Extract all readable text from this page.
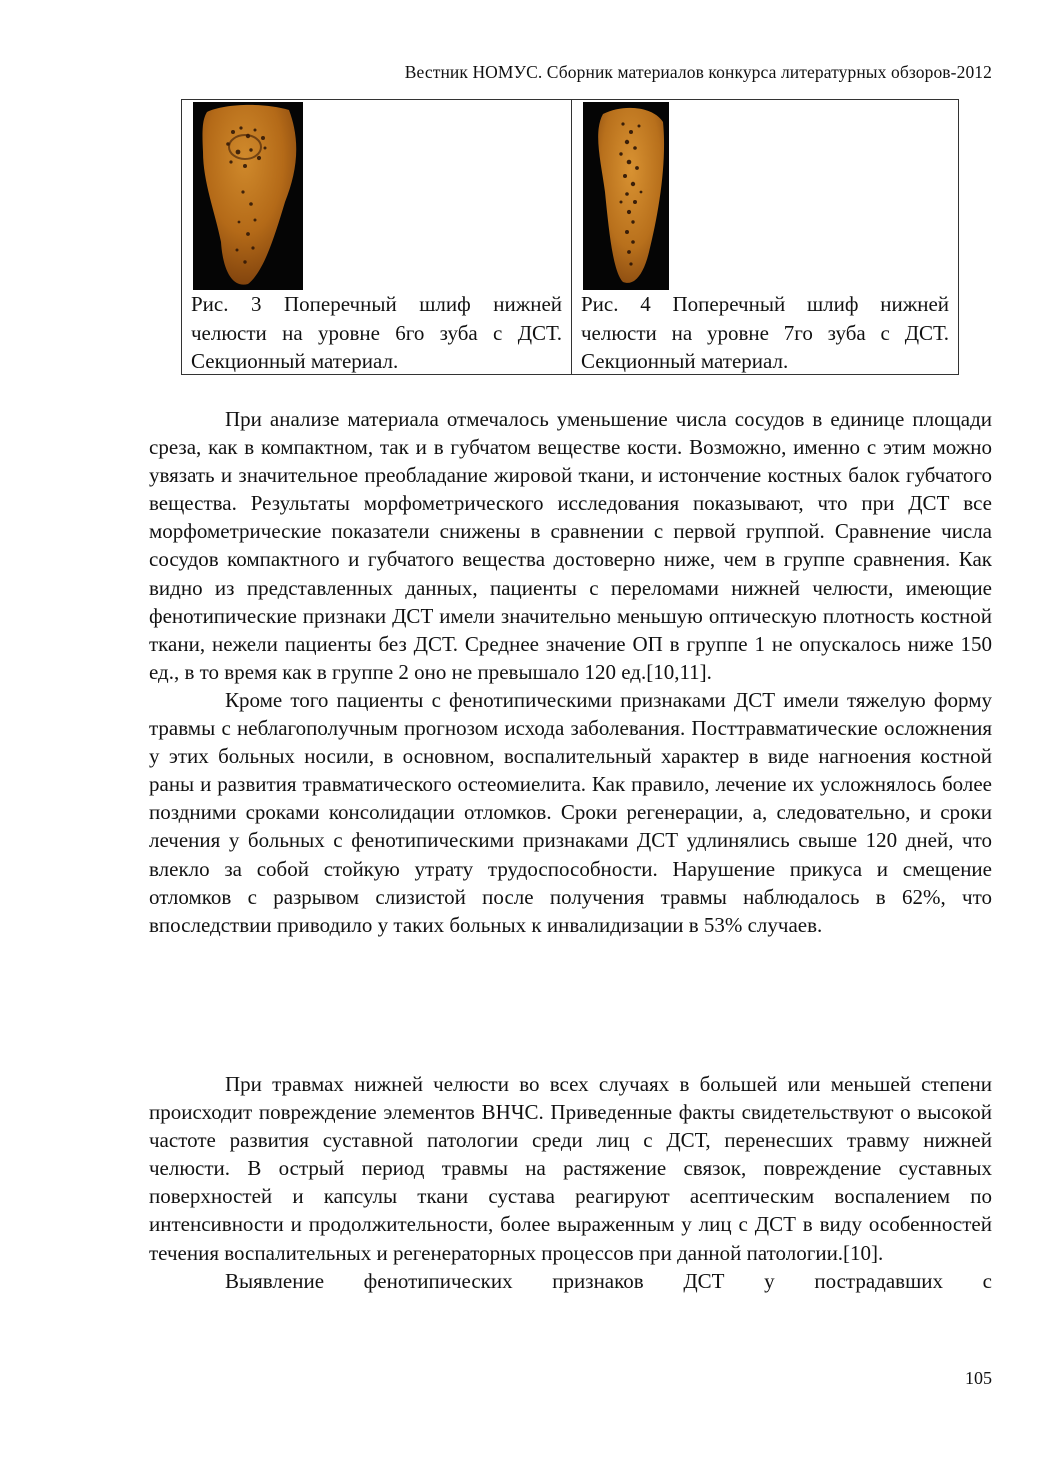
Вестник НОМУС. Сборник материалов конкурса литературных обзоров-2012
Рис. 3 Поперечный шлиф нижней челюсти на уровне 6го зуба с ДСТ. Секционный материал.
Рис. 4 Поперечный шлиф нижней челюсти на уровне 7го зуба с ДСТ. Секционный материал.

При анализе материала отмечалось уменьшение числа сосудов в единице площади среза, как в компактном, так и в губчатом веществе кости. Возможно, именно с этим можно увязать и значительное преобладание жировой ткани, и истончение костных балок губчатого вещества. Результаты морфометрического исследования показывают, что при ДСТ все морфометрические показатели снижены в сравнении с первой группой. Сравнение числа сосудов компактного и губчатого вещества достоверно ниже, чем в группе сравнения. Как видно из представленных данных, пациенты с переломами нижней челюсти, имеющие фенотипические признаки ДСТ имели значительно меньшую оптическую плотность костной ткани, нежели пациенты без ДСТ. Среднее значение ОП в группе 1 не опускалось ниже 150 ед., в то время как в группе 2 оно не превышало 120 ед.[10,11].

Кроме того пациенты с фенотипическими признаками ДСТ имели тяжелую форму травмы с неблагополучным прогнозом исхода заболевания. Посттравматические осложнения у этих больных носили, в основном, воспалительный характер в виде нагноения костной раны и развития травматического остеомиелита. Как правило, лечение их усложнялось более поздними сроками консолидации отломков. Сроки регенерации, а, следовательно, и сроки лечения у больных с фенотипическими признаками ДСТ удлинялись свыше 120 дней, что влекло за собой стойкую утрату трудоспособности. Нарушение прикуса и смещение отломков с разрывом слизистой после получения травмы наблюдалось в 62%, что впоследствии приводило у таких больных к инвалидизации в 53% случаев.

При травмах нижней челюсти во всех случаях в большей или меньшей степени происходит повреждение элементов ВНЧС. Приведенные факты свидетельствуют о высокой частоте развития суставной патологии среди лиц с ДСТ, перенесших травму нижней челюсти. В острый период травмы на растяжение связок, повреждение суставных поверхностей и капсулы ткани сустава реагируют асептическим воспалением по интенсивности и продолжительности, более выраженным у лиц с ДСТ в виду особенностей течения воспалительных и регенераторных процессов при данной патологии.[10].

Выявление фенотипических признаков ДСТ у пострадавших с

105
